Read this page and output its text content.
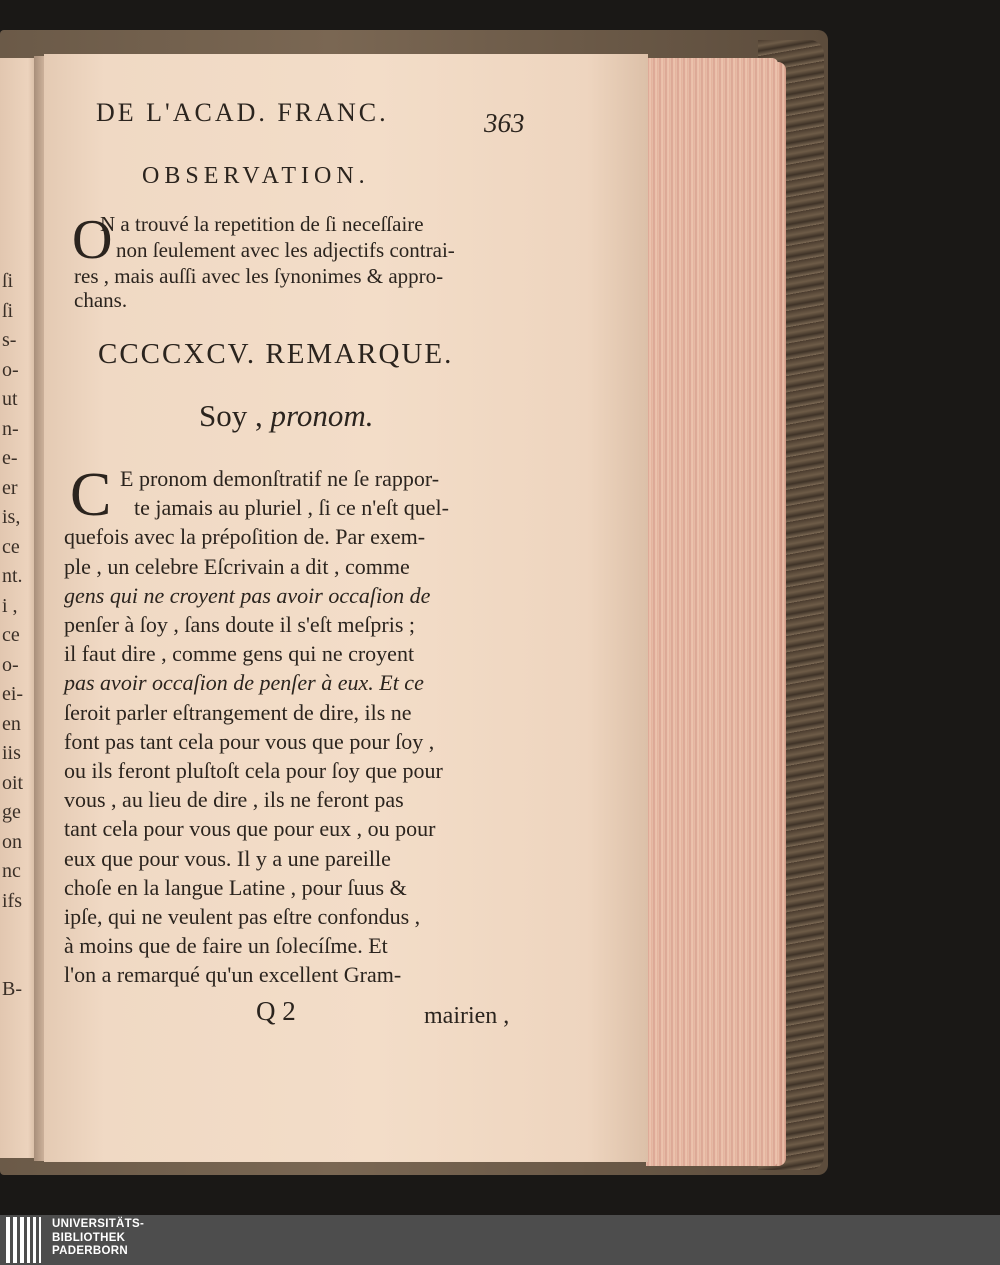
ſi
ſi
s-
o-
ut
n-
e-
er
is,
ce
nt.
i ,
ce
o-
ei-
en
iis
oit
ge
on
nc
ifs
B-
DE L'ACAD. FRANC.	363
OBSERVATION.
O
N a trouvé la repetition de ſi neceſſaire
non ſeulement avec les adjectifs contrai-
res , mais auſſi avec les ſynonimes & appro-
chans.
CCCCXCV. REMARQUE.
Soy , pronom.
C E pronom demonſtratif ne ſe rappor-
te jamais au pluriel , ſi ce n'eſt quel-
quefois avec la prépoſition de. Par exem-
ple , un celebre Eſcrivain a dit , comme
gens qui ne croyent pas avoir occaſion de
penſer à ſoy , ſans doute il s'eſt meſpris ;
il faut dire , comme gens qui ne croyent
pas avoir occaſion de penſer à eux. Et ce
ſeroit parler eſtrangement de dire, ils ne
font pas tant cela pour vous que pour ſoy ,
ou ils feront pluſtoſt cela pour ſoy que pour
vous , au lieu de dire , ils ne feront pas
tant cela pour vous que pour eux , ou pour
eux que pour vous. Il y a une pareille
choſe en la langue Latine , pour ſuus &
ipſe, qui ne veulent pas eſtre confondus ,
à moins que de faire un ſolecíſme. Et
l'on a remarqué qu'un excellent Gram-
Q 2	mairien ,
UNIVERSITÄTS-
BIBLIOTHEK
PADERBORN
